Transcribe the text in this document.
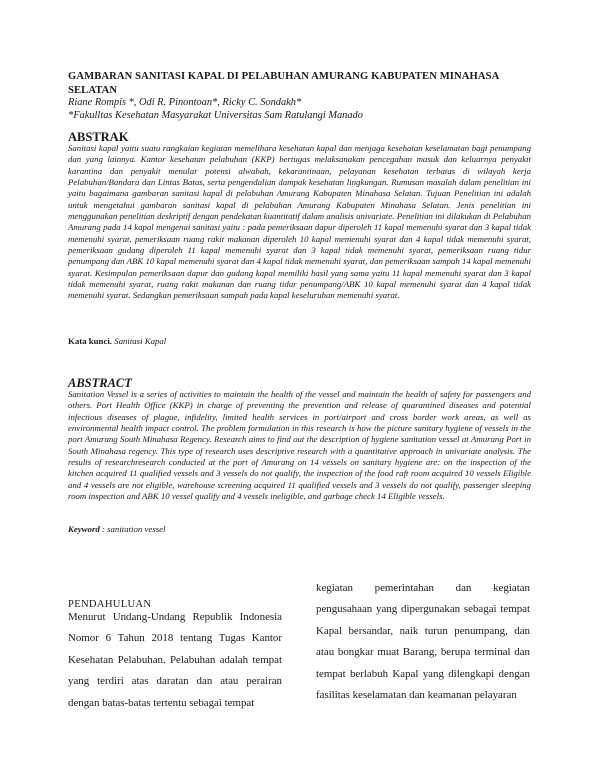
GAMBARAN SANITASI KAPAL DI PELABUHAN AMURANG KABUPATEN MINAHASA SELATAN
Riane Rompis *, Odi R. Pinontoan*, Ricky C. Sondakh*
*Fakulltas Kesehatan Masyarakat Universitas Sam Ratulangi Manado
ABSTRAK
Sanitasi kapal yaitu suatu rangkaian kegiatan memelihara kesehatan kapal dan menjaga kesehatan keselamatan bagi penumpang dan yang lainnya. Kantor kesehatan pelabuhan (KKP) bertugas melaksanakan pencegahan masuk dan keluarnya penyakit karantina dan penyakit menular potensi alwabah, kekarantinaan, pelayanan kesehatan terbatas di wilayah kerja Pelabuhan/Bandara dan Lintas Batas, serta pengendalian dampak kesehatan lingkungan. Rumusan masalah dalam penelitian ini yaitu bagaimana gambaran sanitasi kapal di pelabuhan Amurang Kabupaten Minahasa Selatan. Tujuan Penelitian ini adalah untuk mengetahui gambaran sanitasi kapal di pelabuhan Amurang Kabupaten Minahasa Selatan. Jenis penelitian ini menggunakan penelitian deskriptif dengan pendekatan kuantitatif dalam analisis univariate. Penelitian ini dilakukan di Pelabuhan Amurang pada 14 kapal mengenai sanitasi yaitu : pada pemeriksaan dapur diperoleh 11 kapal memenuhi syarat dan 3 kapal tidak memenuhi syarat, pemeriksaan ruang rakit makanan diperoleh 10 kapal memenuhi syarat dan 4 kapal tidak memenuhi syarat, pemeriksaan gudang diperoleh 11 kapal memenuhi syarat dan 3 kapal tidak memenuhi syarat, pemeriksaan ruang tidur penumpang dan ABK 10 kapal memenuhi syarat dan 4 kapal tidak memenuhi syarat, dan pemeriksaan sampah 14 kapal memenuhi syarat. Kesimpulan pemeriksaan dapur dan gudang kapal memiliki hasil yang sama yaitu 11 kapal memenuhi syarat dan 3 kapal tidak memenuhi syarat, ruang rakit makanan dan ruang tidur penumpang/ABK 10 kapal memenuhi syarat dan 4 kapal tidak memenuhi syarat. Sedangkan pemeriksaan sampah pada kapal keseluruhan memenuhi syarat.
Kata kunci. Sanitasi Kapal
ABSTRACT
Sanitation Vessel is a series of activities to maintain the health of the vessel and maintain the health of safety for passengers and others. Port Health Office (KKP) in charge of preventing the prevention and release of quarantined diseases and potential infectious diseases of plague, infidelity, limited health services in port/airport and cross border work areas, as well as environmental health impact control. The problem formulation in this research is how the picture sanitary hygiene of vessels in the port Amurang South Minahasa Regency. Research aims to find out the description of hygiene sanitation vessel at Amurang Port in South Minahasa regency. This type of research uses descriptive research with a quantitative approach in univariate analysis. The results of researchresearch conducted at the port of Amurang on 14 vessels on sanitary hygiene are: on the inspection of the kitchen acquired 11 qualified vessels and 3 vessels do not qualify, the inspection of the food raft room acquired 10 vessels Eligible and 4 vessels are not eligible, warehouse screening acquired 11 qualified vessels and 3 vessels do not qualify, passenger sleeping room inspection and ABK 10 vessel qualify and 4 vessels ineligible, and garbage check 14 Eligible vessels.
Keyword : sanitation vessel
PENDAHULUAN
Menurut Undang-Undang Republik Indonesia Nomor 6 Tahun 2018 tentang Tugas Kantor Kesehatan Pelabuhan. Pelabuhan adalah tempat yang terdiri atas daratan dan atau perairan dengan batas-batas tertentu sebagai tempat
kegiatan pemerintahan dan kegiatan pengusahaan yang dipergunakan sebagai tempat Kapal bersandar, naik turun penumpang, dan atau bongkar muat Barang, berupa terminal dan tempat berlabuh Kapal yang dilengkapi dengan fasilitas keselamatan dan keamanan pelayaran
